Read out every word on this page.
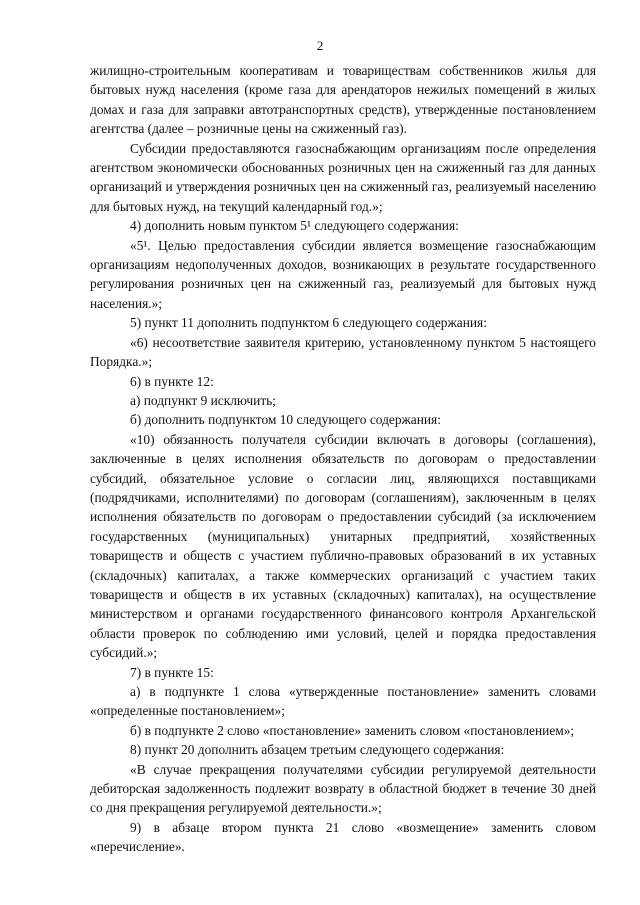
2

жилищно-строительным кооперативам и товариществам собственников жилья для бытовых нужд населения (кроме газа для арендаторов нежилых помещений в жилых домах и газа для заправки автотранспортных средств), утвержденные постановлением агентства (далее – розничные цены на сжиженный газ).

Субсидии предоставляются газоснабжающим организациям после определения агентством экономически обоснованных розничных цен на сжиженный газ для данных организаций и утверждения розничных цен на сжиженный газ, реализуемый населению для бытовых нужд, на текущий календарный год.»;

4) дополнить новым пунктом 5¹ следующего содержания:

«5¹. Целью предоставления субсидии является возмещение газоснабжающим организациям недополученных доходов, возникающих в результате государственного регулирования розничных цен на сжиженный газ, реализуемый для бытовых нужд населения.»;

5) пункт 11 дополнить подпунктом 6 следующего содержания:

«6) несоответствие заявителя критерию, установленному пунктом 5 настоящего Порядка.»;

6) в пункте 12:

а) подпункт 9 исключить;

б) дополнить подпунктом 10 следующего содержания:

«10) обязанность получателя субсидии включать в договоры (соглашения), заключенные в целях исполнения обязательств по договорам о предоставлении субсидий, обязательное условие о согласии лиц, являющихся поставщиками (подрядчиками, исполнителями) по договорам (соглашениям), заключенным в целях исполнения обязательств по договорам о предоставлении субсидий (за исключением государственных (муниципальных) унитарных предприятий, хозяйственных товариществ и обществ с участием публично-правовых образований в их уставных (складочных) капиталах, а также коммерческих организаций с участием таких товариществ и обществ в их уставных (складочных) капиталах), на осуществление министерством и органами государственного финансового контроля Архангельской области проверок по соблюдению ими условий, целей и порядка предоставления субсидий.»;

7) в пункте 15:

а) в подпункте 1 слова «утвержденные постановление» заменить словами «определенные постановлением»;

б) в подпункте 2 слово «постановление» заменить словом «постановлением»;

8) пункт 20 дополнить абзацем третьим следующего содержания:

«В случае прекращения получателями субсидии регулируемой деятельности дебиторская задолженность подлежит возврату в областной бюджет в течение 30 дней со дня прекращения регулируемой деятельности.»;

9) в абзаце втором пункта 21 слово «возмещение» заменить словом «перечисление».
